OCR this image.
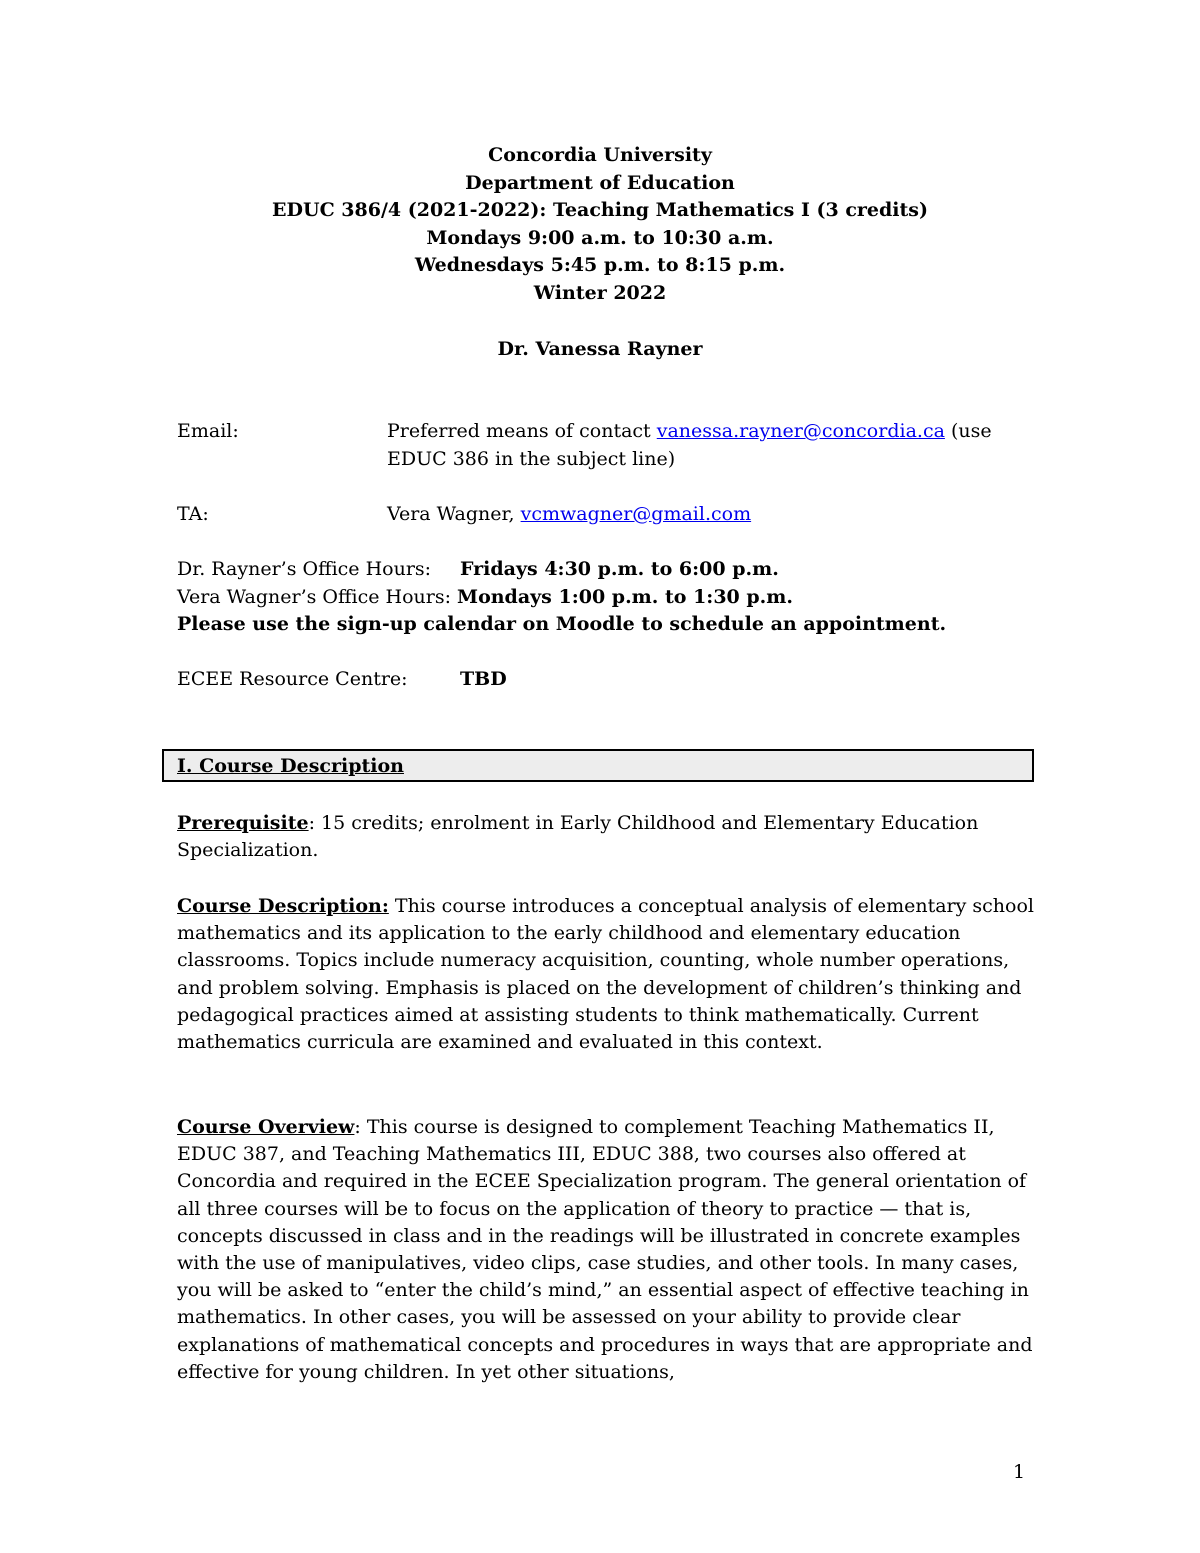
Concordia University
Department of Education
EDUC 386/4 (2021-2022): Teaching Mathematics I (3 credits)
Mondays 9:00 a.m. to 10:30 a.m.
Wednesdays 5:45 p.m. to 8:15 p.m.
Winter 2022
Dr. Vanessa Rayner
Email:	Preferred means of contact vanessa.rayner@concordia.ca (use EDUC 386 in the subject line)
TA:	Vera Wagner, vcmwagner@gmail.com
Dr. Rayner’s Office Hours: Fridays 4:30 p.m. to 6:00 p.m.
Vera Wagner’s Office Hours: Mondays 1:00 p.m. to 1:30 p.m.
Please use the sign-up calendar on Moodle to schedule an appointment.
ECEE Resource Centre:	TBD
I. Course Description
Prerequisite: 15 credits; enrolment in Early Childhood and Elementary Education Specialization.
Course Description: This course introduces a conceptual analysis of elementary school mathematics and its application to the early childhood and elementary education classrooms. Topics include numeracy acquisition, counting, whole number operations, and problem solving. Emphasis is placed on the development of children’s thinking and pedagogical practices aimed at assisting students to think mathematically. Current mathematics curricula are examined and evaluated in this context.
Course Overview: This course is designed to complement Teaching Mathematics II, EDUC 387, and Teaching Mathematics III, EDUC 388, two courses also offered at Concordia and required in the ECEE Specialization program. The general orientation of all three courses will be to focus on the application of theory to practice — that is, concepts discussed in class and in the readings will be illustrated in concrete examples with the use of manipulatives, video clips, case studies, and other tools. In many cases, you will be asked to “enter the child’s mind,” an essential aspect of effective teaching in mathematics. In other cases, you will be assessed on your ability to provide clear explanations of mathematical concepts and procedures in ways that are appropriate and effective for young children. In yet other situations,
1
